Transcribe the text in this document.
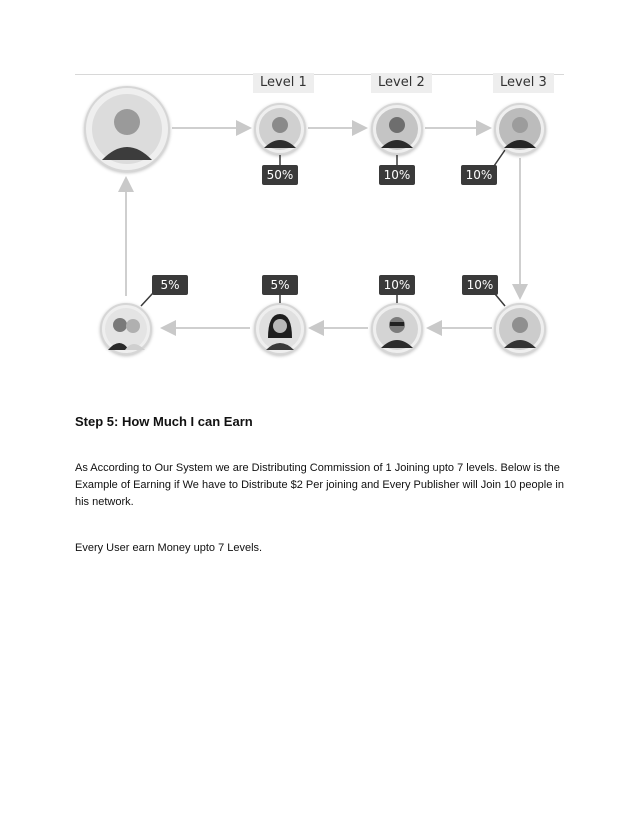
Level 1	Level 2	Level 3
50%	10%	10%
10%
10%
5%
5%
Step 5: How Much I can Earn

As According to Our System we are Distributing Commission of 1 Joining upto 7 levels. Below is the Example of Earning if We have to Distribute $2 Per joining and Every Publisher will Join 10 people in his network.

Every User earn Money upto 7 Levels.
